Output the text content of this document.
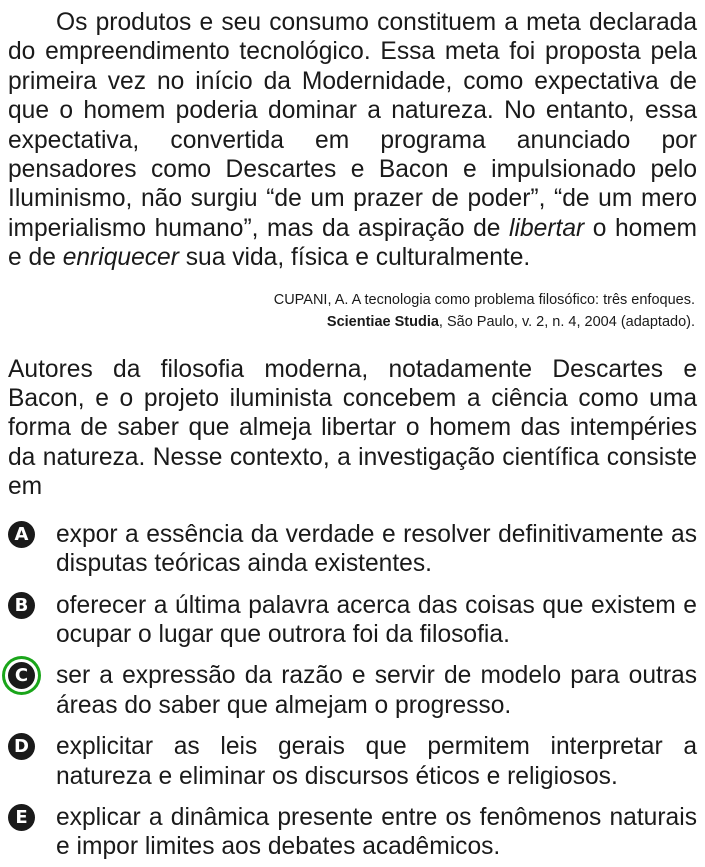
Os produtos e seu consumo constituem a meta declarada do empreendimento tecnológico. Essa meta foi proposta pela primeira vez no início da Modernidade, como expectativa de que o homem poderia dominar a natureza. No entanto, essa expectativa, convertida em programa anunciado por pensadores como Descartes e Bacon e impulsionado pelo Iluminismo, não surgiu “de um prazer de poder”, “de um mero imperialismo humano”, mas da aspiração de libertar o homem e de enriquecer sua vida, física e culturalmente.

CUPANI, A. A tecnologia como problema filosófico: três enfoques.
Scientiae Studia, São Paulo, v. 2, n. 4, 2004 (adaptado).

Autores da filosofia moderna, notadamente Descartes e Bacon, e o projeto iluminista concebem a ciência como uma forma de saber que almeja libertar o homem das intempéries da natureza. Nesse contexto, a investigação científica consiste em

A expor a essência da verdade e resolver definitivamente as disputas teóricas ainda existentes.
B oferecer a última palavra acerca das coisas que existem e ocupar o lugar que outrora foi da filosofia.
C ser a expressão da razão e servir de modelo para outras áreas do saber que almejam o progresso.
D explicitar as leis gerais que permitem interpretar a natureza e eliminar os discursos éticos e religiosos.
E explicar a dinâmica presente entre os fenômenos naturais e impor limites aos debates acadêmicos.
